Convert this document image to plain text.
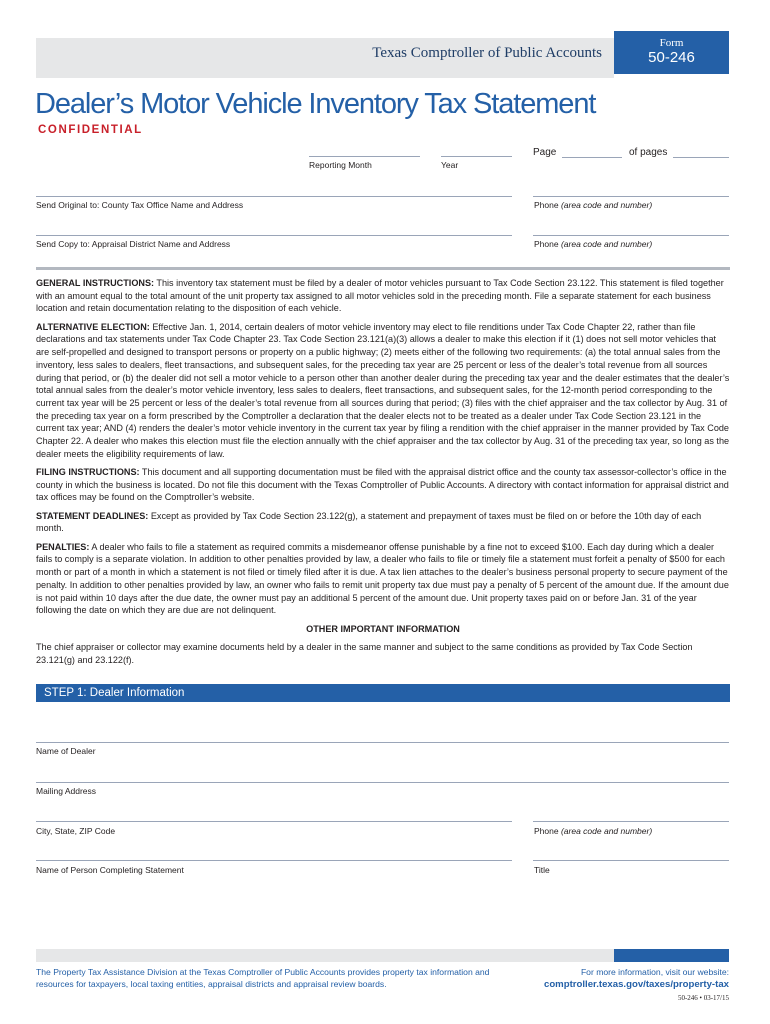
Texas Comptroller of Public Accounts
Form
50-246
Dealer’s Motor Vehicle Inventory Tax Statement
CONFIDENTIAL
Reporting Month	Year
Page	of pages
Send Original to: County Tax Office Name and Address	Phone (area code and number)
Send Copy to: Appraisal District Name and Address	Phone (area code and number)

GENERAL INSTRUCTIONS: This inventory tax statement must be filed by a dealer of motor vehicles pursuant to Tax Code Section 23.122. This statement is filed together with an amount equal to the total amount of the unit property tax assigned to all motor vehicles sold in the preceding month. File a separate statement for each business location and retain documentation relating to the disposition of each vehicle.

ALTERNATIVE ELECTION: Effective Jan. 1, 2014, certain dealers of motor vehicle inventory may elect to file renditions under Tax Code Chapter 22, rather than file declarations and tax statements under Tax Code Chapter 23. Tax Code Section 23.121(a)(3) allows a dealer to make this election if it (1) does not sell motor vehicles that are self-propelled and designed to transport persons or property on a public highway; (2) meets either of the following two requirements: (a) the total annual sales from the inventory, less sales to dealers, fleet transactions, and subsequent sales, for the preceding tax year are 25 percent or less of the dealer’s total revenue from all sources during that period, or (b) the dealer did not sell a motor vehicle to a person other than another dealer during the preceding tax year and the dealer estimates that the dealer’s total annual sales from the dealer’s motor vehicle inventory, less sales to dealers, fleet transactions, and subsequent sales, for the 12-month period corresponding to the current tax year will be 25 percent or less of the dealer’s total revenue from all sources during that period; (3) files with the chief appraiser and the tax collector by Aug. 31 of the preceding tax year on a form prescribed by the Comptroller a declaration that the dealer elects not to be treated as a dealer under Tax Code Section 23.121 in the current tax year; AND (4) renders the dealer’s motor vehicle inventory in the current tax year by filing a rendition with the chief appraiser in the manner provided by Tax Code Chapter 22. A dealer who makes this election must file the election annually with the chief appraiser and the tax collector by Aug. 31 of the preceding tax year, so long as the dealer meets the eligibility requirements of law.

FILING INSTRUCTIONS: This document and all supporting documentation must be filed with the appraisal district office and the county tax assessor-collector’s office in the county in which the business is located. Do not file this document with the Texas Comptroller of Public Accounts. A directory with contact information for appraisal district and tax offices may be found on the Comptroller’s website.

STATEMENT DEADLINES: Except as provided by Tax Code Section 23.122(g), a statement and prepayment of taxes must be filed on or before the 10th day of each month.

PENALTIES: A dealer who fails to file a statement as required commits a misdemeanor offense punishable by a fine not to exceed $100. Each day during which a dealer fails to comply is a separate violation. In addition to other penalties provided by law, a dealer who fails to file or timely file a statement must forfeit a penalty of $500 for each month or part of a month in which a statement is not filed or timely filed after it is due. A tax lien attaches to the dealer’s business personal property to secure payment of the penalty. In addition to other penalties provided by law, an owner who fails to remit unit property tax due must pay a penalty of 5 percent of the amount due. If the amount due is not paid within 10 days after the due date, the owner must pay an additional 5 percent of the amount due. Unit property taxes paid on or before Jan. 31 of the year following the date on which they are due are not delinquent.

OTHER IMPORTANT INFORMATION

The chief appraiser or collector may examine documents held by a dealer in the same manner and subject to the same conditions as provided by Tax Code Section 23.121(g) and 23.122(f).

STEP 1: Dealer Information
Name of Dealer
Mailing Address
City, State, ZIP Code	Phone (area code and number)
Name of Person Completing Statement	Title
The Property Tax Assistance Division at the Texas Comptroller of Public Accounts provides property tax information and resources for taxpayers, local taxing entities, appraisal districts and appraisal review boards.
For more information, visit our website:
comptroller.texas.gov/taxes/property-tax
50-246 • 03-17/15
